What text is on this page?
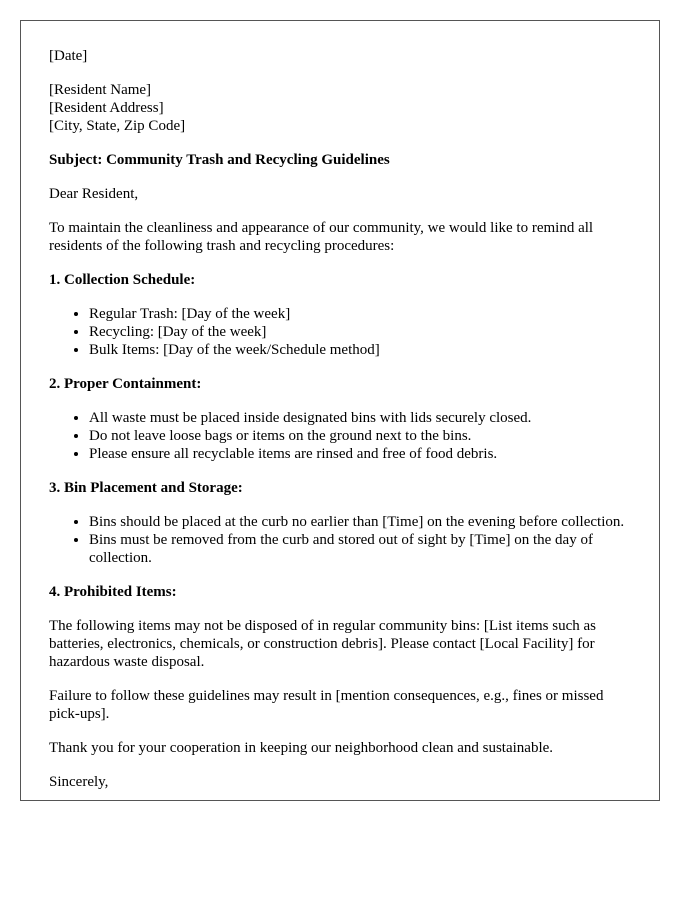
[Date]
[Resident Name]
[Resident Address]
[City, State, Zip Code]
Subject: Community Trash and Recycling Guidelines
Dear Resident,
To maintain the cleanliness and appearance of our community, we would like to remind all residents of the following trash and recycling procedures:
1. Collection Schedule:
• Regular Trash: [Day of the week]
• Recycling: [Day of the week]
• Bulk Items: [Day of the week/Schedule method]
2. Proper Containment:
• All waste must be placed inside designated bins with lids securely closed.
• Do not leave loose bags or items on the ground next to the bins.
• Please ensure all recyclable items are rinsed and free of food debris.
3. Bin Placement and Storage:
• Bins should be placed at the curb no earlier than [Time] on the evening before collection.
• Bins must be removed from the curb and stored out of sight by [Time] on the day of collection.
4. Prohibited Items:
The following items may not be disposed of in regular community bins: [List items such as batteries, electronics, chemicals, or construction debris]. Please contact [Local Facility] for hazardous waste disposal.
Failure to follow these guidelines may result in [mention consequences, e.g., fines or missed pick-ups].
Thank you for your cooperation in keeping our neighborhood clean and sustainable.
Sincerely,
